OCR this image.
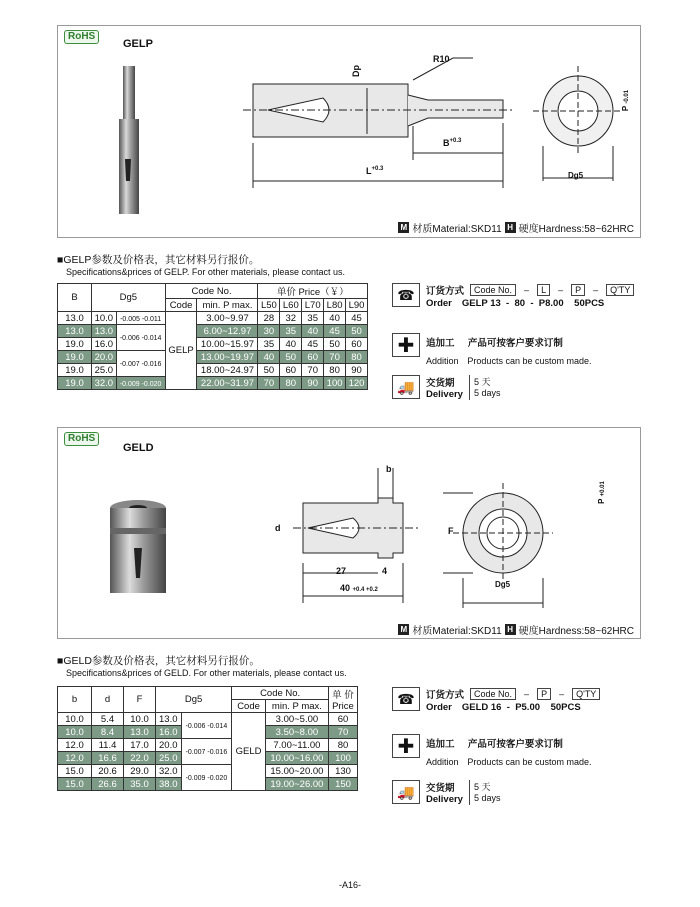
RoHS
GELP
R10
Dp
$B^{+0.3}$
$L^{+0.3}$
P -0.01
Dg5
M 材质Material:SKD11 H 硬度Hardness:58~62HRC
■GELP参数及价格表，其它材料另行报价。
Specifications&prices of GELP. For other materials, please contact us.
B	Dg5		Code No.		单价 Price（￥）				
			Code	min. P max.	L50	L60	L70	L80	L90
13.0	10.0	-0.005 -0.011	GELP	3.00~9.97	28	32	35	40	45
13.0	13.0	-0.006 -0.014		6.00~12.97	30	35	40	45	50
19.0	16.0			10.00~15.97	35	40	45	50	60
19.0	20.0	-0.007 -0.016		13.00~19.97	40	50	60	70	80
19.0	25.0			18.00~24.97	50	60	70	80	90
19.0	32.0	-0.009 -0.020		22.00~31.97	70	80	90	100	120
☎	订货方式	Code No.	–	L	–	P	–	Q'TY
Order GELP 13  -  80  -  P8.00    50PCS
✚	追加工 产品可按客户要求订制
Addition Products can be custom made.
🚚	交货期
Delivery
5 天
5 days
RoHS
GELD
b
d
27	4
40 +0.4 +0.2
F
P +0.01
Dg5
M 材质Material:SKD11 H 硬度Hardness:58~62HRC
■GELD参数及价格表，其它材料另行报价。
Specifications&prices of GELD. For other materials, please contact us.
b	d	F	Dg5		Code No.		单 价
Price

					Code	min. P max.	
10.0	5.4	10.0	13.0	-0.006 -0.014	GELD	3.00~5.00	60
10.0	8.4	13.0	16.0			3.50~8.00	70
12.0	11.4	17.0	20.0	-0.007 -0.016		7.00~11.00	80
12.0	16.6	22.0	25.0			10.00~16.00	100
15.0	20.6	29.0	32.0	-0.009 -0.020		15.00~20.00	130
15.0	26.6	35.0	38.0			19.00~26.00	150
☎	订货方式	Code No.	–	P	–	Q'TY
Order GELD 16  -  P5.00    50PCS
✚	追加工 产品可按客户要求订制
Addition Products can be custom made.
🚚	交货期
Delivery
5 天
5 days
-A16-
